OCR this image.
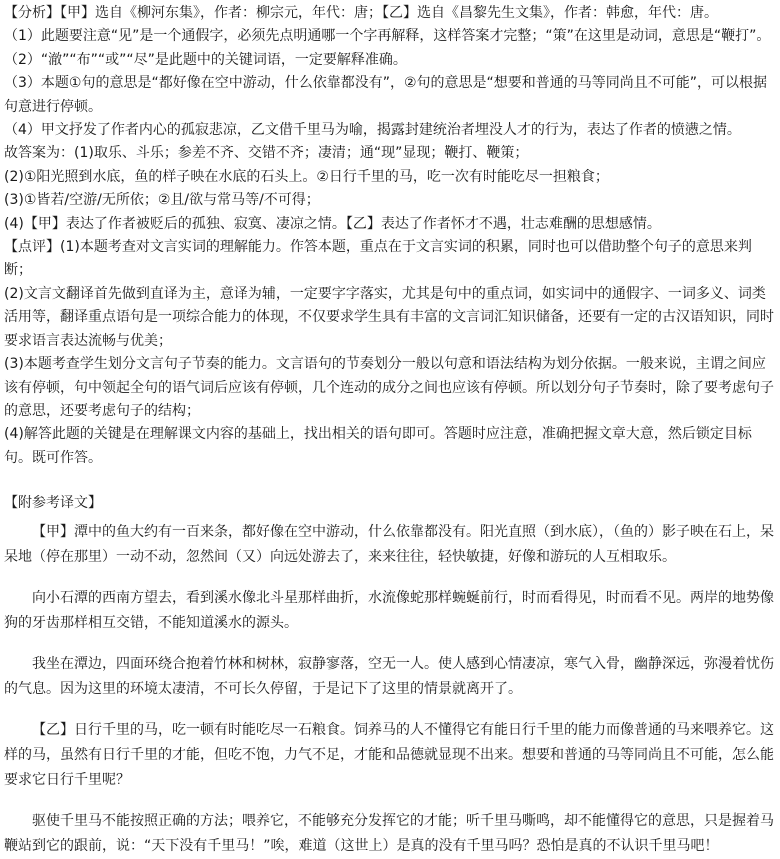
【分析】【甲】选自《柳河东集》，作者：柳宗元，年代：唐；【乙】选自《昌黎先生文集》，作者：韩愈，年代：唐。

（1）此题要注意“见”是一个通假字，必须先点明通哪一个字再解释，这样答案才完整；“策”在这里是动词，意思是“鞭打”。

（2）“澈”“布”“或”“尽”是此题中的关键词语，一定要解释准确。

（3）本题①句的意思是“都好像在空中游动，什么依靠都没有”，②句的意思是“想要和普通的马等同尚且不可能”，可以根据句意进行停顿。

（4）甲文抒发了作者内心的孤寂悲凉，乙文借千里马为喻，揭露封建统治者埋没人才的行为，表达了作者的愤懑之情。

故答案为：(1)取乐、斗乐；参差不齐、交错不齐；凄清；通“现”显现；鞭打、鞭策；

(2)①阳光照到水底，鱼的样子映在水底的石头上。②日行千里的马，吃一次有时能吃尽一担粮食；

(3)①皆若/空游/无所依；②且/欲与常马等/不可得；

(4)【甲】表达了作者被贬后的孤独、寂寞、凄凉之情。【乙】表达了作者怀才不遇，壮志难酬的思想感情。

【点评】(1)本题考查对文言实词的理解能力。作答本题，重点在于文言实词的积累，同时也可以借助整个句子的意思来判断；

(2)文言文翻译首先做到直译为主，意译为辅，一定要字字落实，尤其是句中的重点词，如实词中的通假字、一词多义、词类活用等，翻译重点语句是一项综合能力的体现，不仅要求学生具有丰富的文言词汇知识储备，还要有一定的古汉语知识，同时要求语言表达流畅与优美；

(3)本题考查学生划分文言句子节奏的能力。文言语句的节奏划分一般以句意和语法结构为划分依据。一般来说，主谓之间应该有停顿，句中领起全句的语气词后应该有停顿，几个连动的成分之间也应该有停顿。所以划分句子节奏时，除了要考虑句子的意思，还要考虑句子的结构；

(4)解答此题的关键是在理解课文内容的基础上，找出相关的语句即可。答题时应注意，准确把握文章大意，然后锁定目标句。既可作答。

【附参考译文】

【甲】潭中的鱼大约有一百来条，都好像在空中游动，什么依靠都没有。阳光直照（到水底），（鱼的）影子映在石上，呆呆地（停在那里）一动不动，忽然间（又）向远处游去了，来来往往，轻快敏捷，好像和游玩的人互相取乐。

向小石潭的西南方望去，看到溪水像北斗星那样曲折，水流像蛇那样蜿蜒前行，时而看得见，时而看不见。两岸的地势像狗的牙齿那样相互交错，不能知道溪水的源头。

我坐在潭边，四面环绕合抱着竹林和树林，寂静寥落，空无一人。使人感到心情凄凉，寒气入骨，幽静深远，弥漫着忧伤的气息。因为这里的环境太凄清，不可长久停留，于是记下了这里的情景就离开了。

【乙】日行千里的马，吃一顿有时能吃尽一石粮食。饲养马的人不懂得它有能日行千里的能力而像普通的马来喂养它。这样的马，虽然有日行千里的才能，但吃不饱，力气不足，才能和品德就显现不出来。想要和普通的马等同尚且不可能，怎么能要求它日行千里呢？

驱使千里马不能按照正确的方法；喂养它，不能够充分发挥它的才能；听千里马嘶鸣，却不能懂得它的意思，只是握着马鞭站到它的跟前，说：“天下没有千里马！”唉，难道（这世上）是真的没有千里马吗？恐怕是真的不认识千里马吧！
